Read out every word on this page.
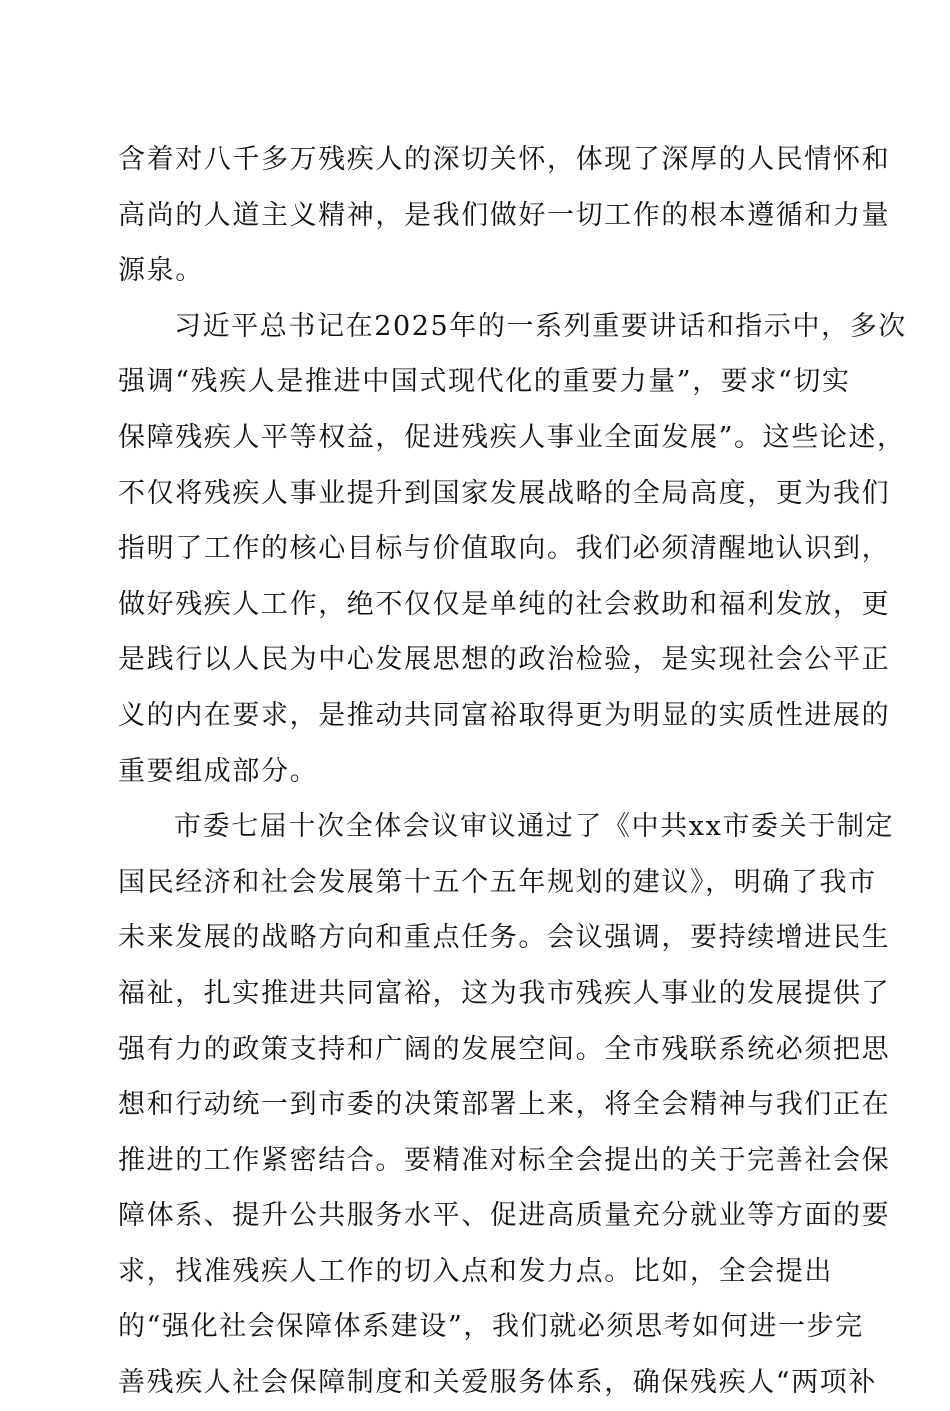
含着对八千多万残疾人的深切关怀，体现了深厚的人民情怀和
高尚的人道主义精神，是我们做好一切工作的根本遵循和力量
源泉。
习近平总书记在2025年的一系列重要讲话和指示中，多次
强调“残疾人是推进中国式现代化的重要力量”，要求“切实
保障残疾人平等权益，促进残疾人事业全面发展”。这些论述，
不仅将残疾人事业提升到国家发展战略的全局高度，更为我们
指明了工作的核心目标与价值取向。我们必须清醒地认识到，
做好残疾人工作，绝不仅仅是单纯的社会救助和福利发放，更
是践行以人民为中心发展思想的政治检验，是实现社会公平正
义的内在要求，是推动共同富裕取得更为明显的实质性进展的
重要组成部分。
市委七届十次全体会议审议通过了《中共xx市委关于制定
国民经济和社会发展第十五个五年规划的建议》，明确了我市
未来发展的战略方向和重点任务。会议强调，要持续增进民生
福祉，扎实推进共同富裕，这为我市残疾人事业的发展提供了
强有力的政策支持和广阔的发展空间。全市残联系统必须把思
想和行动统一到市委的决策部署上来，将全会精神与我们正在
推进的工作紧密结合。要精准对标全会提出的关于完善社会保
障体系、提升公共服务水平、促进高质量充分就业等方面的要
求，找准残疾人工作的切入点和发力点。比如，全会提出
的“强化社会保障体系建设”，我们就必须思考如何进一步完
善残疾人社会保障制度和关爱服务体系，确保残疾人“两项补
